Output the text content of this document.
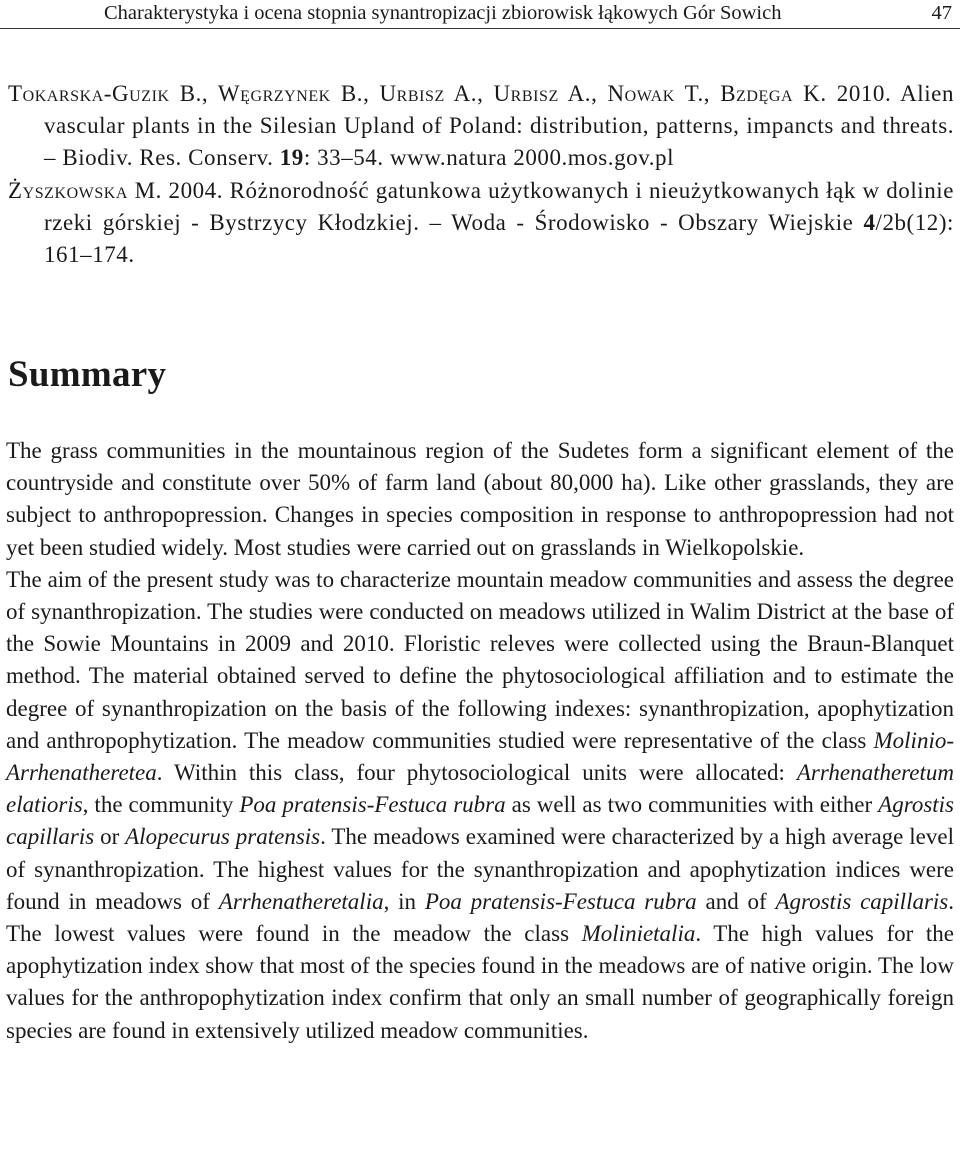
Charakterystyka i ocena stopnia synantropizacji zbiorowisk łąkowych Gór Sowich	47

Tokarska-Guzik B., Węgrzynek B., Urbisz A., Urbisz A., Nowak T., Bzdęga K. 2010. Alien vascular plants in the Silesian Upland of Poland: distribution, patterns, impancts and threats. – Biodiv. Res. Conserv. 19: 33–54. www.natura 2000.mos.gov.pl

Żyszkowska M. 2004. Różnorodność gatunkowa użytkowanych i nieużytkowanych łąk w dolinie rzeki górskiej - Bystrzycy Kłodzkiej. – Woda - Środowisko - Obszary Wiejskie 4/2b(12): 161–174.

Summary

The grass communities in the mountainous region of the Sudetes form a significant element of the countryside and constitute over 50% of farm land (about 80,000 ha). Like other grasslands, they are subject to anthropopression. Changes in species composition in response to anthropopression had not yet been studied widely. Most studies were carried out on grasslands in Wielkopolskie.

The aim of the present study was to characterize mountain meadow communities and assess the degree of synanthropization. The studies were conducted on meadows utilized in Walim District at the base of the Sowie Mountains in 2009 and 2010. Floristic releves were collected using the Braun-Blanquet method. The material obtained served to define the phytosociological affiliation and to estimate the degree of synanthropization on the basis of the following indexes: synanthropization, apophytization and anthropophytization. The meadow communities studied were representative of the class Molinio-Arrhenatheretea. Within this class, four phytosociological units were allocated: Arrhenatheretum elatioris, the community Poa pratensis-Festuca rubra as well as two communities with either Agrostis capillaris or Alopecurus pratensis. The meadows examined were characterized by a high average level of synanthropization. The highest values for the synanthropization and apophytization indices were found in meadows of Arrhenatheretalia, in Poa pratensis-Festuca rubra and of Agrostis capillaris. The lowest values were found in the meadow the class Molinietalia. The high values for the apophytization index show that most of the species found in the meadows are of native origin. The low values for the anthropophytization index confirm that only an small number of geographically foreign species are found in extensively utilized meadow communities.
